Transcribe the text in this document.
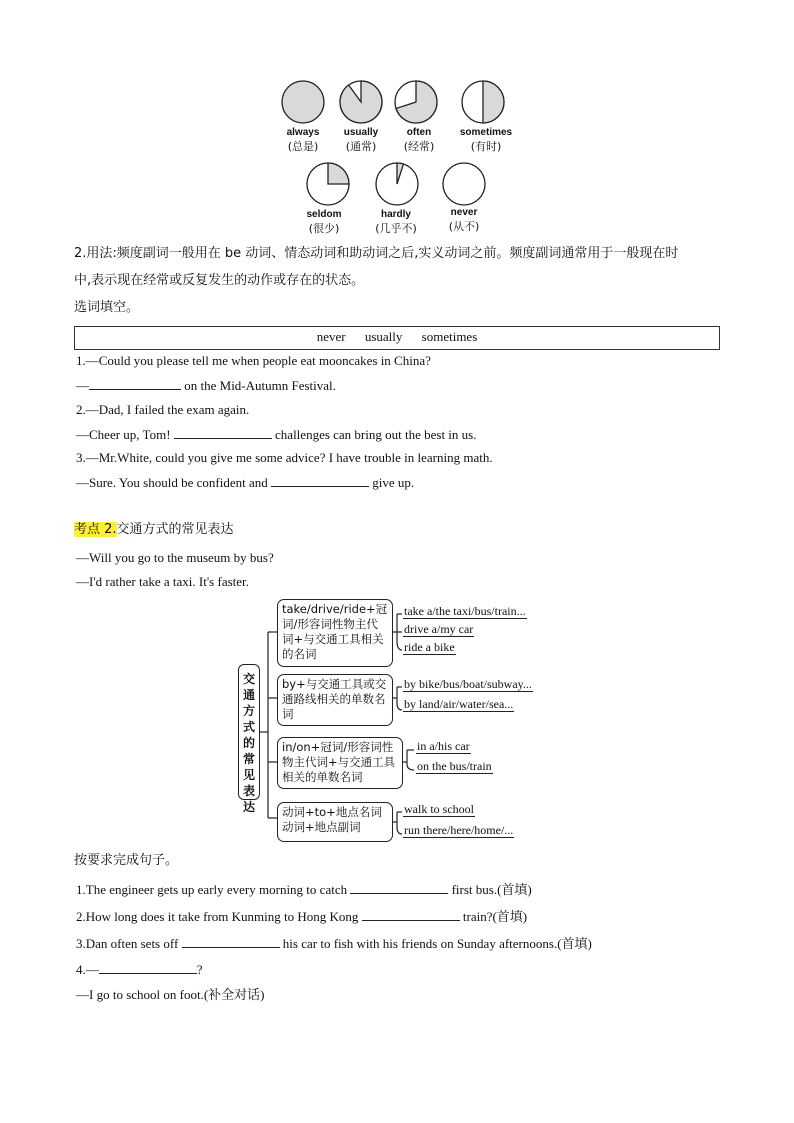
always
(总是)
usually
(通常)
often
(经常)
sometimes
(有时)
seldom
(很少)
hardly
(几乎不)
never
(从不)
2.用法:频度副词一般用在 be 动词、情态动词和助动词之后,实义动词之前。频度副词通常用于一般现在时
中,表示现在经常或反复发生的动作或存在的状态。
选词填空。
never usually sometimes
1.—Could you please tell me when people eat mooncakes in China?
—	on the Mid-Autumn Festival.
2.—Dad, I failed the exam again.
—Cheer up, Tom!	challenges can bring out the best in us.
3.—Mr.White, could you give me some advice? I have trouble in learning math.
—Sure. You should be confident and	give up.
考点 2.交通方式的常见表达
—Will you go to the museum by bus?
—I'd rather take a taxi. It's faster.
交通方式的常见表达
take/drive/ride+冠词/形容词性物主代词+与交通工具相关的名词
by+与交通工具或交通路线相关的单数名词
in/on+冠词/形容词性物主代词+与交通工具相关的单数名词
动词+to+地点名词 动词+地点副词
take a/the taxi/bus/train...
drive a/my car
ride a bike
by bike/bus/boat/subway...
by land/air/water/sea...
in a/his car
on the bus/train
walk to school
run there/here/home/...
按要求完成句子。
1.The engineer gets up early every morning to catch	first bus.(首填)
2.How long does it take from Kunming to Hong Kong	train?(首填)
3.Dan often sets off	his car to fish with his friends on Sunday afternoons.(首填)
4.—	?
—I go to school on foot.(补全对话)
